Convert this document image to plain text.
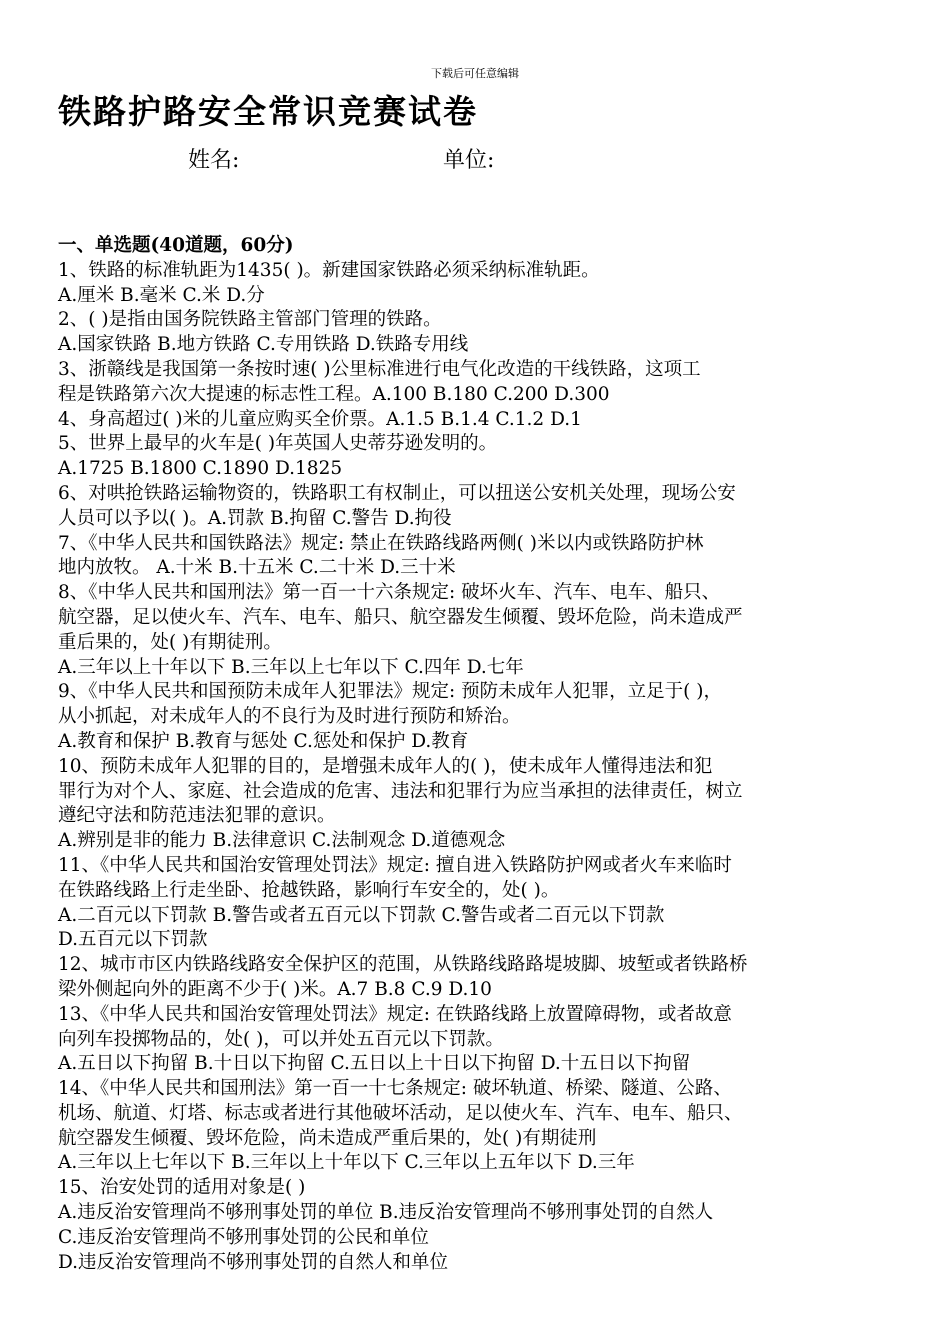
下载后可任意编辑
铁路护路安全常识竞赛试卷
姓名:	单位:
一、单选题(40道题，60分)
1、铁路的标准轨距为1435( )。新建国家铁路必须采纳标准轨距。
A.厘米 B.毫米 C.米 D.分
2、( )是指由国务院铁路主管部门管理的铁路。
A.国家铁路 B.地方铁路 C.专用铁路 D.铁路专用线
3、浙赣线是我国第一条按时速( )公里标准进行电气化改造的干线铁路，这项工
程是铁路第六次大提速的标志性工程。A.100 B.180 C.200 D.300
4、身高超过( )米的儿童应购买全价票。A.1.5 B.1.4 C.1.2 D.1
5、世界上最早的火车是( )年英国人史蒂芬逊发明的。
A.1725 B.1800 C.1890 D.1825
6、对哄抢铁路运输物资的，铁路职工有权制止，可以扭送公安机关处理，现场公安
人员可以予以( )。A.罚款 B.拘留 C.警告 D.拘役
7、《中华人民共和国铁路法》规定: 禁止在铁路线路两侧( )米以内或铁路防护林
地内放牧。 A.十米 B.十五米 C.二十米 D.三十米
8、《中华人民共和国刑法》第一百一十六条规定: 破坏火车、汽车、电车、船只、
航空器，足以使火车、汽车、电车、船只、航空器发生倾覆、毁坏危险，尚未造成严
重后果的，处( )有期徒刑。
A.三年以上十年以下 B.三年以上七年以下 C.四年 D.七年
9、《中华人民共和国预防未成年人犯罪法》规定: 预防未成年人犯罪，立足于( )，
从小抓起，对未成年人的不良行为及时进行预防和矫治。
A.教育和保护 B.教育与惩处 C.惩处和保护 D.教育
10、预防未成年人犯罪的目的，是增强未成年人的( )，使未成年人懂得违法和犯
罪行为对个人、家庭、社会造成的危害、违法和犯罪行为应当承担的法律责任，树立
遵纪守法和防范违法犯罪的意识。
A.辨别是非的能力 B.法律意识 C.法制观念 D.道德观念
11、《中华人民共和国治安管理处罚法》规定: 擅自进入铁路防护网或者火车来临时
在铁路线路上行走坐卧、抢越铁路，影响行车安全的，处( )。
A.二百元以下罚款 B.警告或者五百元以下罚款 C.警告或者二百元以下罚款
D.五百元以下罚款
12、城市市区内铁路线路安全保护区的范围，从铁路线路路堤坡脚、坡堑或者铁路桥
梁外侧起向外的距离不少于( )米。A.7 B.8 C.9 D.10
13、《中华人民共和国治安管理处罚法》规定: 在铁路线路上放置障碍物，或者故意
向列车投掷物品的，处( )，可以并处五百元以下罚款。
A.五日以下拘留 B.十日以下拘留 C.五日以上十日以下拘留 D.十五日以下拘留
14、《中华人民共和国刑法》第一百一十七条规定: 破坏轨道、桥梁、隧道、公路、
机场、航道、灯塔、标志或者进行其他破坏活动，足以使火车、汽车、电车、船只、
航空器发生倾覆、毁坏危险，尚未造成严重后果的，处( )有期徒刑
A.三年以上七年以下 B.三年以上十年以下 C.三年以上五年以下 D.三年
15、治安处罚的适用对象是( )
A.违反治安管理尚不够刑事处罚的单位 B.违反治安管理尚不够刑事处罚的自然人
C.违反治安管理尚不够刑事处罚的公民和单位
D.违反治安管理尚不够刑事处罚的自然人和单位
